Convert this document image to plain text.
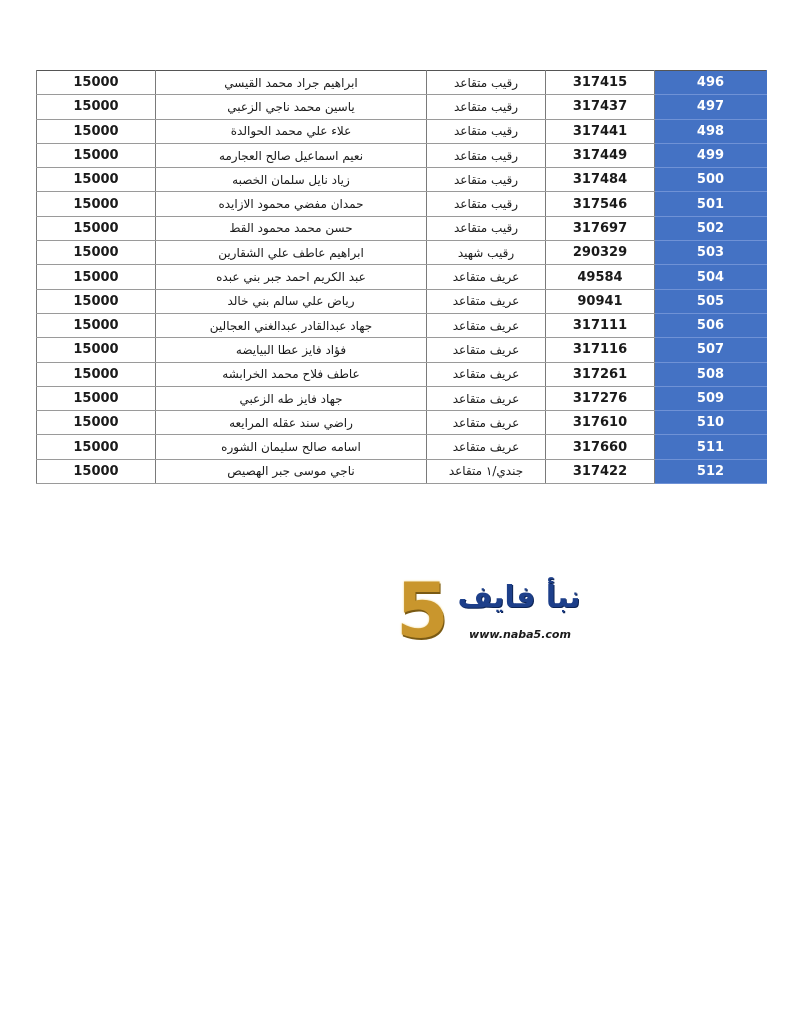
15000	ابراهيم جراد محمد القيسي	رقيب متقاعد	317415	496
15000	ياسين محمد ناجي الزعبي	رقيب متقاعد	317437	497
15000	علاء علي محمد الحوالدة	رقيب متقاعد	317441	498
15000	نعيم اسماعيل صالح العجارمه	رقيب متقاعد	317449	499
15000	زياد نايل سلمان الخصبه	رقيب متقاعد	317484	500
15000	حمدان مفضي محمود الازايده	رقيب متقاعد	317546	501
15000	حسن محمد محمود القط	رقيب متقاعد	317697	502
15000	ابراهيم عاطف علي الشقارين	رقيب شهيد	290329	503
15000	عبد الكريم احمد جبر بني عبده	عريف متقاعد	49584	504
15000	رياض علي سالم بني خالد	عريف متقاعد	90941	505
15000	جهاد عبدالقادر عبدالغني العجالين	عريف متقاعد	317111	506
15000	فؤاد فايز عطا البيايضه	عريف متقاعد	317116	507
15000	عاطف فلاح محمد الخرابشه	عريف متقاعد	317261	508
15000	جهاد فايز طه الزعبي	عريف متقاعد	317276	509
15000	راضي سند عقله المرايعه	عريف متقاعد	317610	510
15000	اسامه صالح سليمان الشوره	عريف متقاعد	317660	511
15000	ناجي موسى جبر الهصيص	جندي/١ متقاعد	317422	512
5 نبأ فايف
www.naba5.com
